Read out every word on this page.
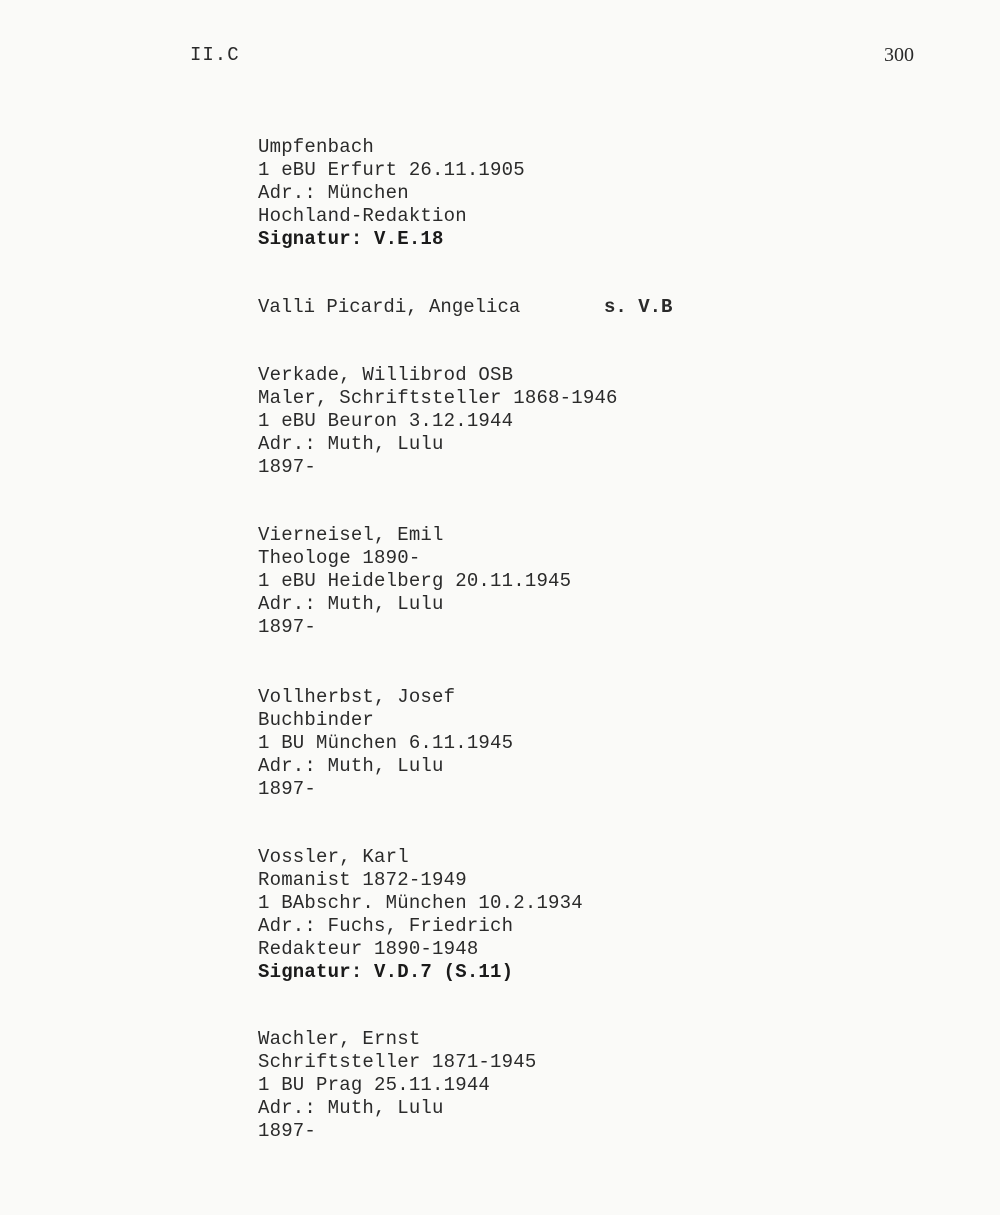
II.C	300
Umpfenbach
1 eBU Erfurt 26.11.1905
Adr.: München
Hochland-Redaktion
Signatur: V.E.18
Valli Picardi, Angelica	s. V.B
Verkade, Willibrod OSB
Maler, Schriftsteller 1868-1946
1 eBU Beuron 3.12.1944
Adr.: Muth, Lulu
1897-
Vierneisel, Emil
Theologe 1890-
1 eBU Heidelberg 20.11.1945
Adr.: Muth, Lulu
1897-
Vollherbst, Josef
Buchbinder
1 BU München 6.11.1945
Adr.: Muth, Lulu
1897-
Vossler, Karl
Romanist 1872-1949
1 BAbschr. München 10.2.1934
Adr.: Fuchs, Friedrich
Redakteur 1890-1948
Signatur: V.D.7 (S.11)
Wachler, Ernst
Schriftsteller 1871-1945
1 BU Prag 25.11.1944
Adr.: Muth, Lulu
1897-
